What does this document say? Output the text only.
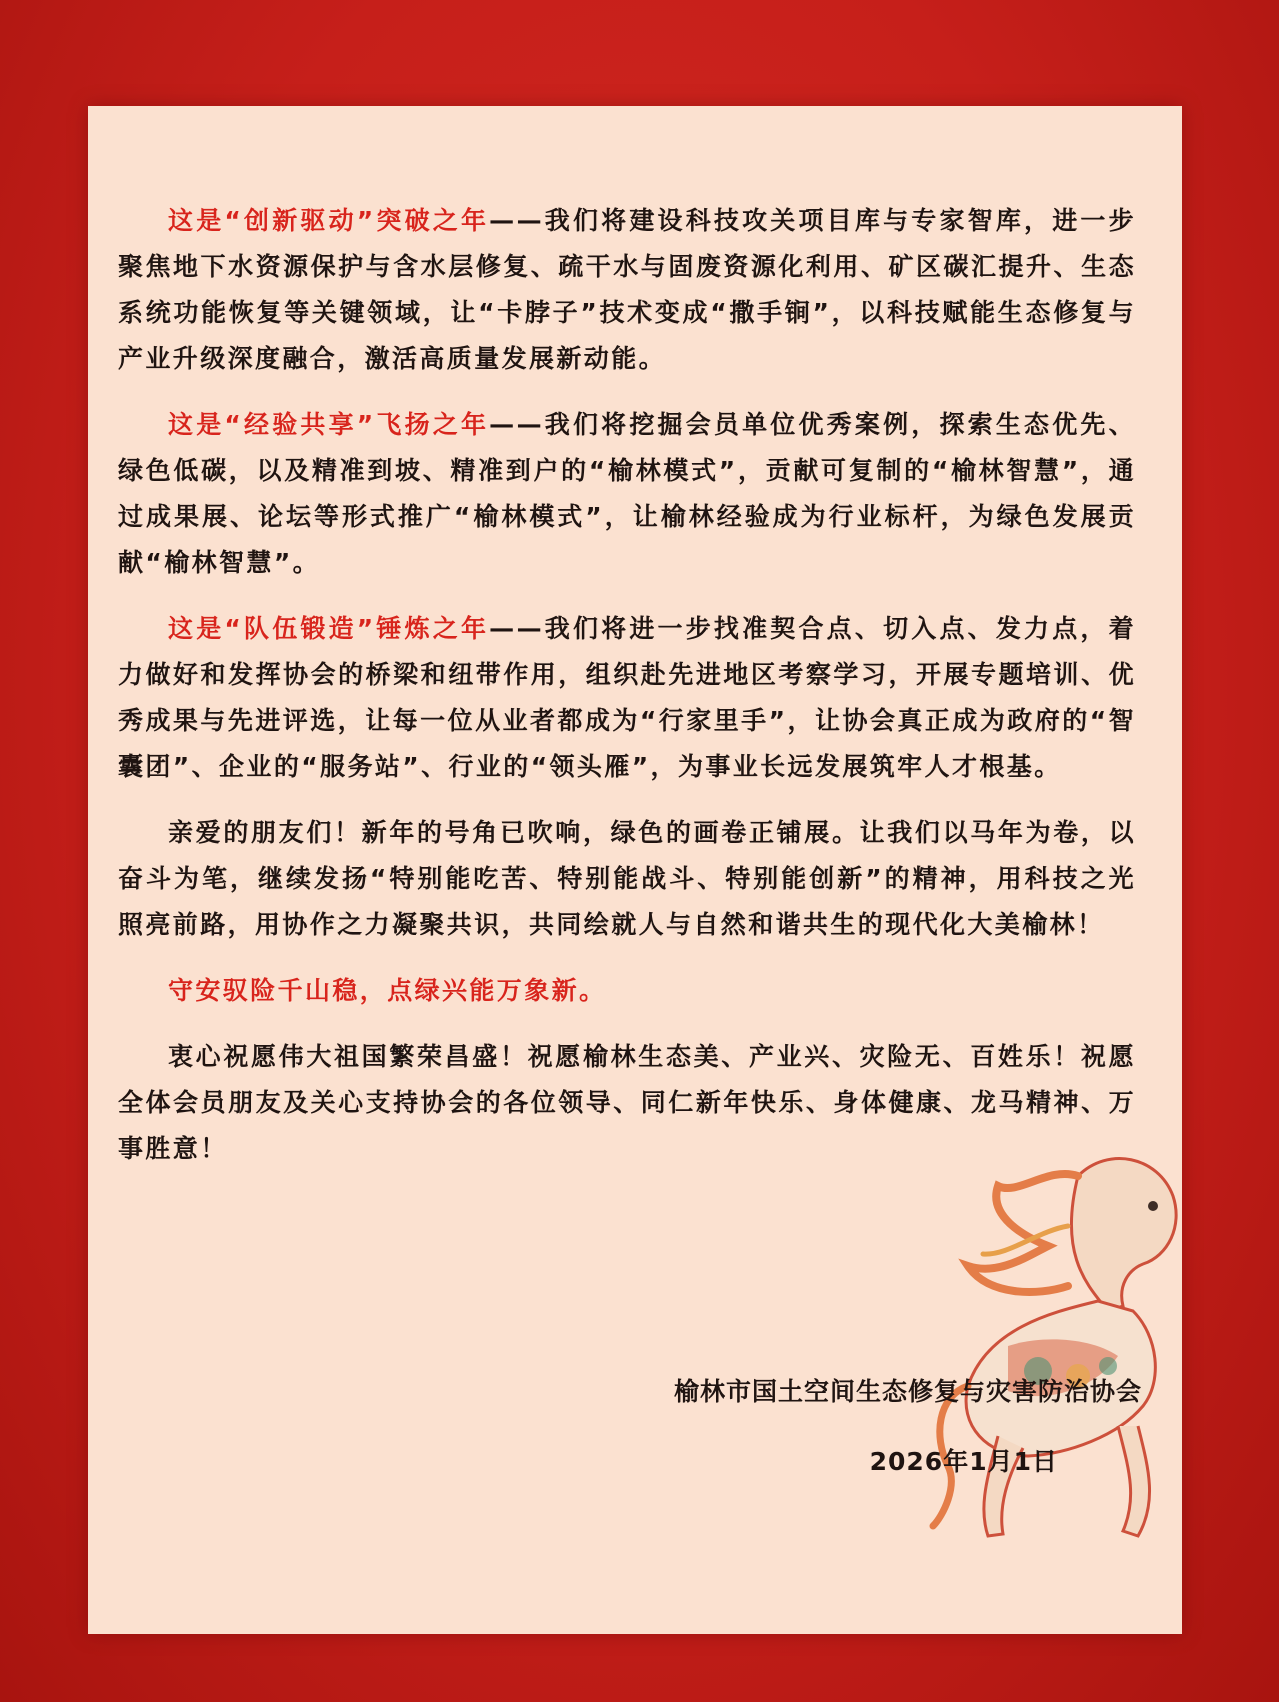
这是“创新驱动”突破之年——我们将建设科技攻关项目库与专家智库，进一步聚焦地下水资源保护与含水层修复、疏干水与固废资源化利用、矿区碳汇提升、生态系统功能恢复等关键领域，让“卡脖子”技术变成“撒手锏”，以科技赋能生态修复与产业升级深度融合，激活高质量发展新动能。

这是“经验共享”飞扬之年——我们将挖掘会员单位优秀案例，探索生态优先、绿色低碳，以及精准到坡、精准到户的“榆林模式”，贡献可复制的“榆林智慧”，通过成果展、论坛等形式推广“榆林模式”，让榆林经验成为行业标杆，为绿色发展贡献“榆林智慧”。

这是“队伍锻造”锤炼之年——我们将进一步找准契合点、切入点、发力点，着力做好和发挥协会的桥梁和纽带作用，组织赴先进地区考察学习，开展专题培训、优秀成果与先进评选，让每一位从业者都成为“行家里手”，让协会真正成为政府的“智囊团”、企业的“服务站”、行业的“领头雁”，为事业长远发展筑牢人才根基。

亲爱的朋友们！新年的号角已吹响，绿色的画卷正铺展。让我们以马年为卷，以奋斗为笔，继续发扬“特别能吃苦、特别能战斗、特别能创新”的精神，用科技之光照亮前路，用协作之力凝聚共识，共同绘就人与自然和谐共生的现代化大美榆林！

守安驭险千山稳，点绿兴能万象新。

衷心祝愿伟大祖国繁荣昌盛！祝愿榆林生态美、产业兴、灾险无、百姓乐！祝愿全体会员朋友及关心支持协会的各位领导、同仁新年快乐、身体健康、龙马精神、万事胜意！

榆林市国土空间生态修复与灾害防治协会
2026年1月1日
